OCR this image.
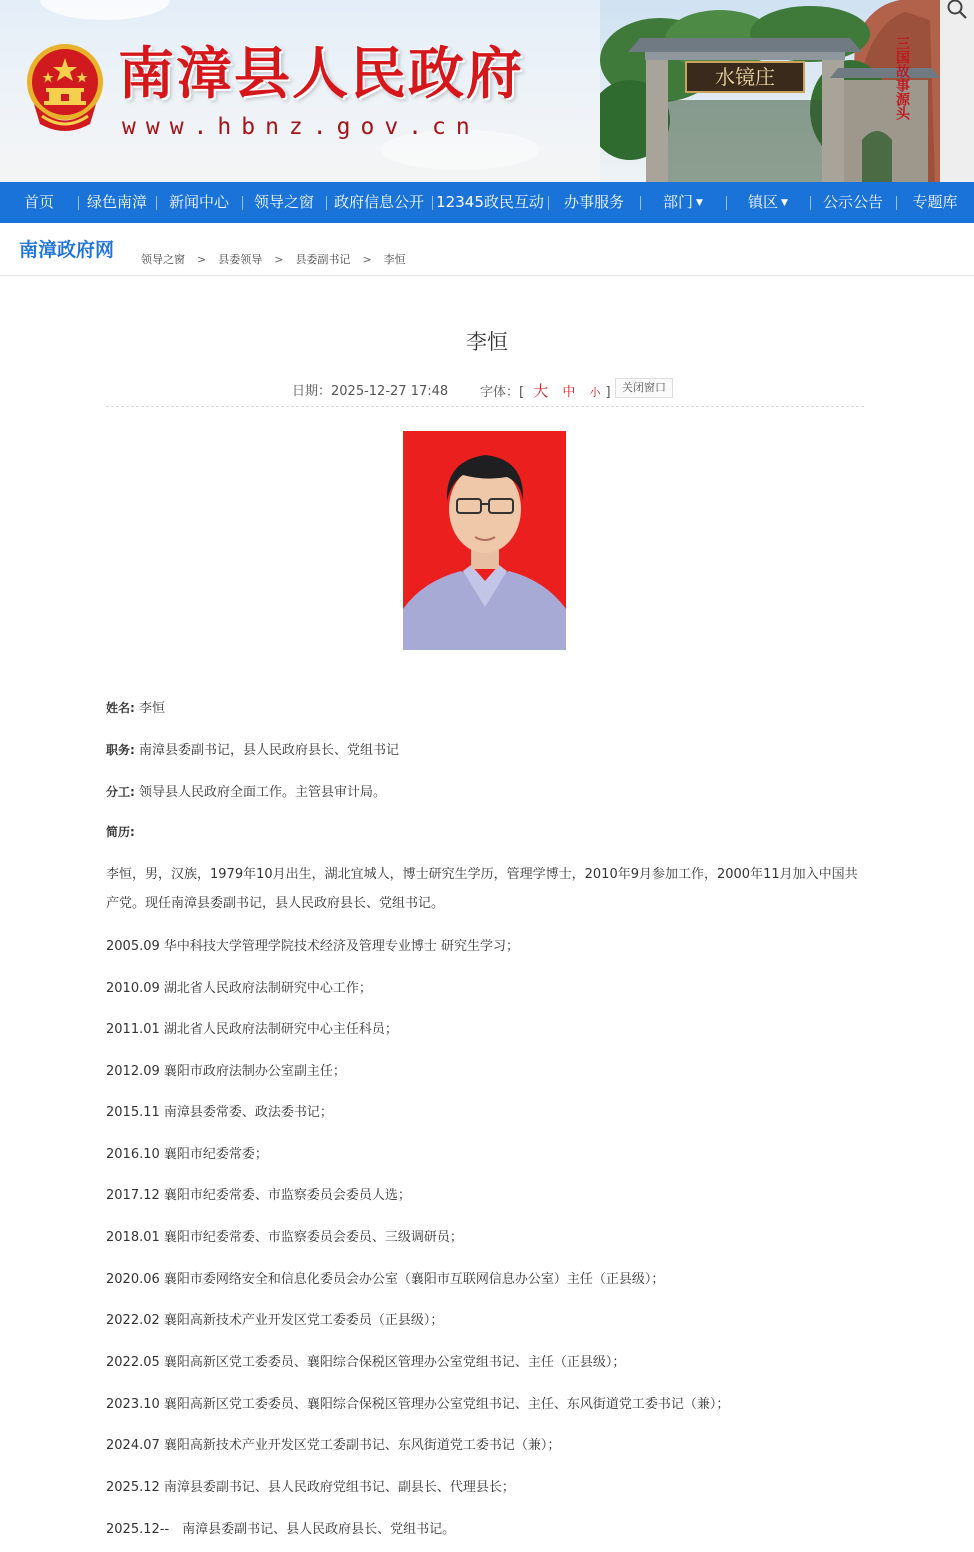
南漳县人民政府
www.hbnz.gov.cn
水镜庄	三国故事源头
首页	绿色南漳	新闻中心	领导之窗	政府信息公开 12345政民互动	办事服务	部门 ▼	镇区 ▼	公示公告	专题库
南漳政府网 领导之窗 > 县委领导 > 县委副书记 > 李恒
李恒
日期：2025-12-27 17:48 字体：[ 大 中 小 ]	关闭窗口
姓名: 李恒
职务: 南漳县委副书记，县人民政府县长、党组书记
分工: 领导县人民政府全面工作。主管县审计局。
简历:
李恒，男，汉族，1979年10月出生，湖北宜城人，博士研究生学历，管理学博士，2010年9月参加工作，2000年11月加入中国共产党。现任南漳县委副书记，县人民政府县长、党组书记。
2005.09 华中科技大学管理学院技术经济及管理专业博士 研究生学习；
2010.09 湖北省人民政府法制研究中心工作；
2011.01 湖北省人民政府法制研究中心主任科员；
2012.09 襄阳市政府法制办公室副主任；
2015.11 南漳县委常委、政法委书记；
2016.10 襄阳市纪委常委；
2017.12 襄阳市纪委常委、市监察委员会委员人选；
2018.01 襄阳市纪委常委、市监察委员会委员、三级调研员；
2020.06 襄阳市委网络安全和信息化委员会办公室（襄阳市互联网信息办公室）主任（正县级）；
2022.02 襄阳高新技术产业开发区党工委委员（正县级）；
2022.05 襄阳高新区党工委委员、襄阳综合保税区管理办公室党组书记、主任（正县级）；
2023.10 襄阳高新区党工委委员、襄阳综合保税区管理办公室党组书记、主任、东风街道党工委书记（兼）；
2024.07 襄阳高新技术产业开发区党工委副书记、东风街道党工委书记（兼）；
2025.12 南漳县委副书记、县人民政府党组书记、副县长、代理县长；
2025.12--　南漳县委副书记、县人民政府县长、党组书记。
